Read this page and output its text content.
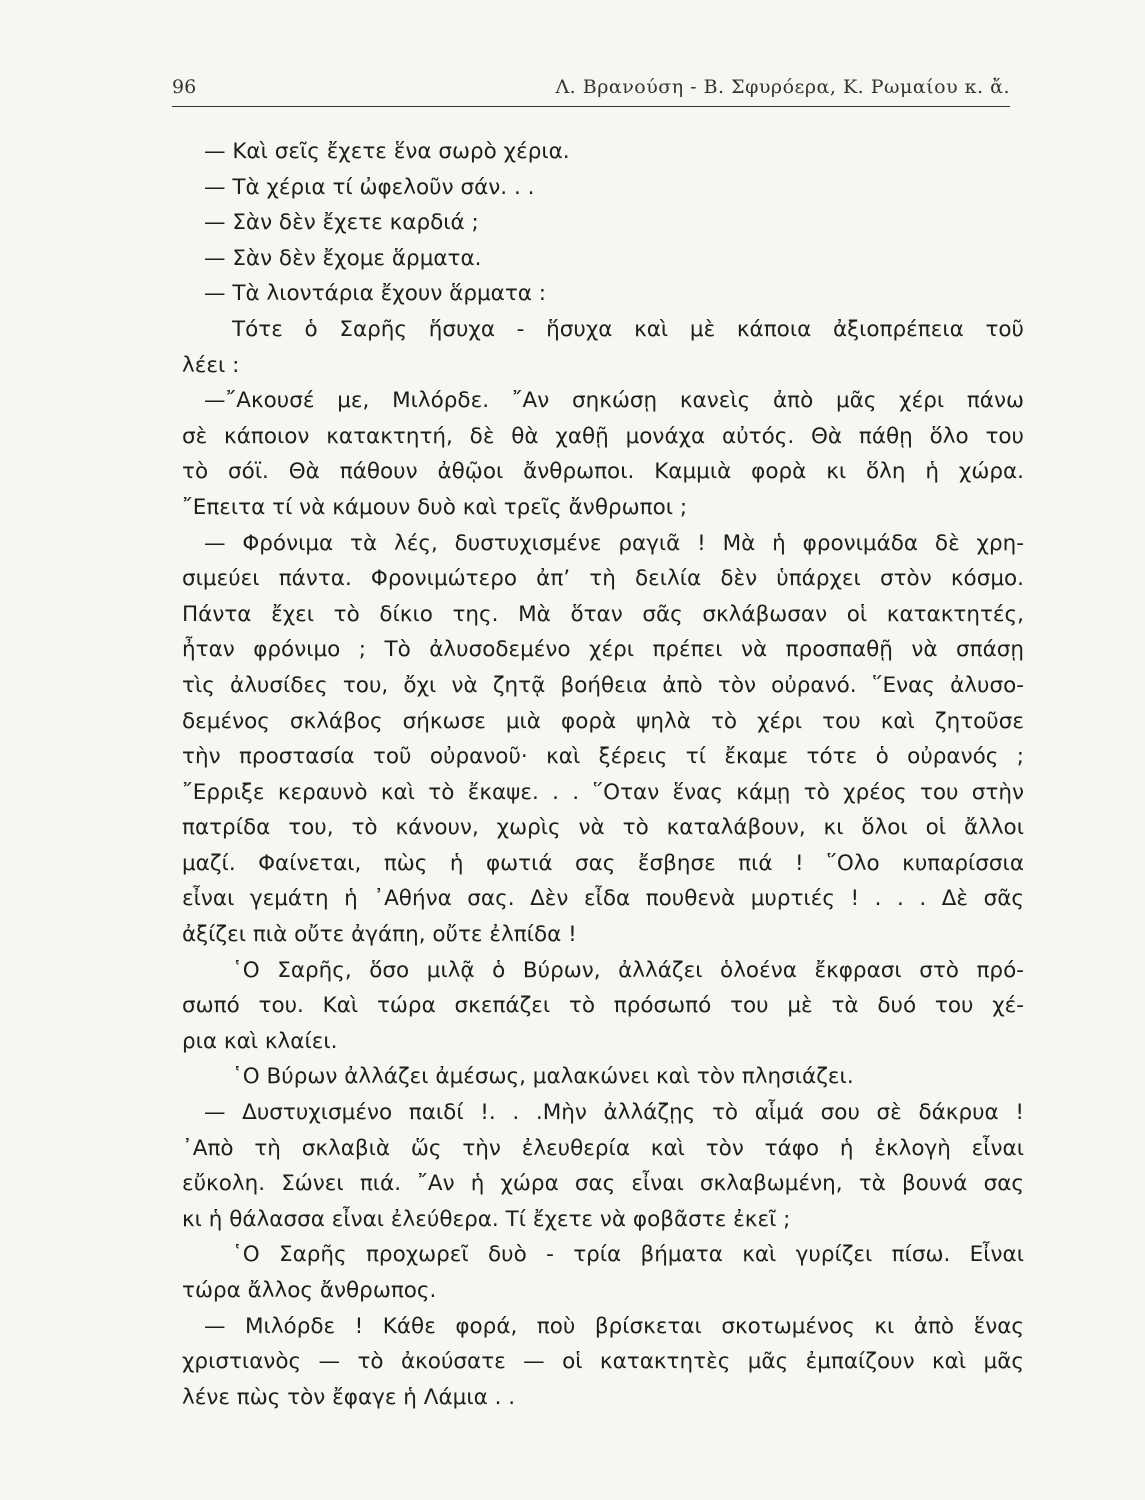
96	Λ. Βρανούση - Β. Σφυρόερα, Κ. Ρωμαίου κ. ἄ.
— Καὶ σεῖς ἔχετε ἕνα σωρὸ χέρια.
— Τὰ χέρια τί ὠφελοῦν σάν. . .
— Σὰν δὲν ἔχετε καρδιά ;
— Σὰν δὲν ἔχομε ἅρματα.
— Τὰ λιοντάρια ἔχουν ἅρματα :
Τότε ὁ Σαρῆς ἥσυχα - ἥσυχα καὶ μὲ κάποια ἀξιοπρέπεια τοῦ
λέει :
—῎Ακουσέ με, Μιλόρδε. ῎Αν σηκώσῃ κανεὶς ἀπὸ μᾶς χέρι πάνω
σὲ κάποιον κατακτητή, δὲ θὰ χαθῇ μονάχα αὐτός. Θὰ πάθῃ ὅλο του
τὸ σόϊ. Θὰ πάθουν ἀθῷοι ἄνθρωποι. Καμμιὰ φορὰ κι ὅλη ἡ χώρα.
῎Επειτα τί νὰ κάμουν δυὸ καὶ τρεῖς ἄνθρωποι ;
— Φρόνιμα τὰ λές, δυστυχισμένε ραγιᾶ ! Μὰ ἡ φρονιμάδα δὲ χρη-
σιμεύει πάντα. Φρονιμώτερο ἀπ’ τὴ δειλία δὲν ὑπάρχει στὸν κόσμο.
Πάντα ἔχει τὸ δίκιο της. Μὰ ὅταν σᾶς σκλάβωσαν οἱ κατακτητές,
ἦταν φρόνιμο ; Τὸ ἀλυσοδεμένο χέρι πρέπει νὰ προσπαθῇ νὰ σπάσῃ
τὶς ἀλυσίδες του, ὄχι νὰ ζητᾷ βοήθεια ἀπὸ τὸν οὐρανό. ῞Ενας ἀλυσο-
δεμένος σκλάβος σήκωσε μιὰ φορὰ ψηλὰ τὸ χέρι του καὶ ζητοῦσε
τὴν προστασία τοῦ οὐρανοῦ· καὶ ξέρεις τί ἔκαμε τότε ὁ οὐρανός ;
῎Ερριξε κεραυνὸ καὶ τὸ ἔκαψε. . . ῞Οταν ἕνας κάμῃ τὸ χρέος του στὴν
πατρίδα του, τὸ κάνουν, χωρὶς νὰ τὸ καταλάβουν, κι ὅλοι οἱ ἄλλοι
μαζί. Φαίνεται, πὼς ἡ φωτιά σας ἔσβησε πιά ! ῞Ολο κυπαρίσσια
εἶναι γεμάτη ἡ ᾿Αθήνα σας. Δὲν εἶδα πουθενὰ μυρτιές ! . . . Δὲ σᾶς
ἀξίζει πιὰ οὔτε ἀγάπη, οὔτε ἐλπίδα !
῾Ο Σαρῆς, ὅσο μιλᾷ ὁ Βύρων, ἀλλάζει ὁλοένα ἔκφρασι στὸ πρό-
σωπό του. Καὶ τώρα σκεπάζει τὸ πρόσωπό του μὲ τὰ δυό του χέ-
ρια καὶ κλαίει.
῾Ο Βύρων ἀλλάζει ἀμέσως, μαλακώνει καὶ τὸν πλησιάζει.
— Δυστυχισμένο παιδί !. . .Μὴν ἀλλάζῃς τὸ αἷμά σου σὲ δάκρυα !
᾿Απὸ τὴ σκλαβιὰ ὥς τὴν ἐλευθερία καὶ τὸν τάφο ἡ ἐκλογὴ εἶναι
εὔκολη. Σώνει πιά. ῎Αν ἡ χώρα σας εἶναι σκλαβωμένη, τὰ βουνά σας
κι ἡ θάλασσα εἶναι ἐλεύθερα. Τί ἔχετε νὰ φοβᾶστε ἐκεῖ ;
῾Ο Σαρῆς προχωρεῖ δυὸ - τρία βήματα καὶ γυρίζει πίσω. Εἶναι
τώρα ἄλλος ἄνθρωπος.
— Μιλόρδε ! Κάθε φορά, ποὺ βρίσκεται σκοτωμένος κι ἀπὸ ἕνας
χριστιανὸς — τὸ ἀκούσατε — οἱ κατακτητὲς μᾶς ἐμπαίζουν καὶ μᾶς
λένε πὼς τὸν ἔφαγε ἡ Λάμια . .
